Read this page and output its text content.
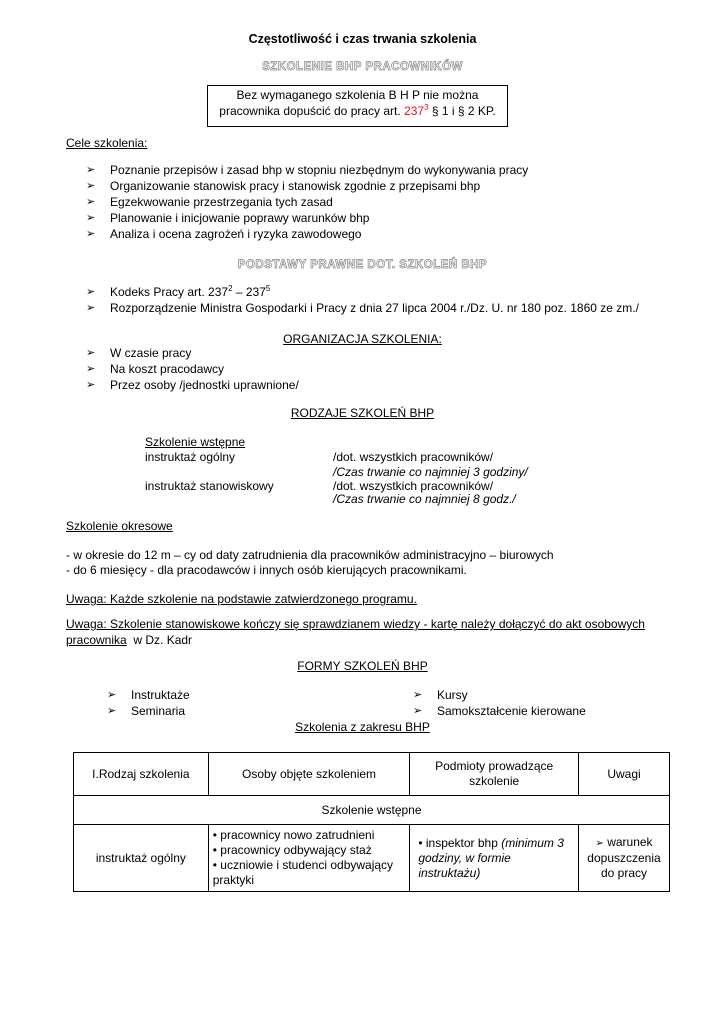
Częstotliwość i czas trwania szkolenia
SZKOLENIE BHP PRACOWNIKÓW
Bez wymaganego szkolenia B H P nie można
pracownika dopuścić do pracy art. $237^3$ § 1 i § 2 KP.
Cele szkolenia:
➢ Poznanie przepisów i zasad bhp w stopniu niezbędnym do wykonywania pracy
➢ Organizowanie stanowisk pracy i stanowisk zgodnie z przepisami bhp
➢ Egzekwowanie przestrzegania tych zasad
➢ Planowanie i inicjowanie poprawy warunków bhp
➢ Analiza i ocena zagrożeń i ryzyka zawodowego
PODSTAWY PRAWNE DOT. SZKOLEŃ BHP
➢ Kodeks Pracy art. $237^2 - 237^5$
➢ Rozporządzenie Ministra Gospodarki i Pracy z dnia 27 lipca 2004 r./Dz. U. nr 180 poz. 1860 ze zm./
ORGANIZACJA SZKOLENIA:
➢ W czasie pracy
➢ Na koszt pracodawcy
➢ Przez osoby /jednostki uprawnione/
RODZAJE SZKOLEŃ BHP
Szkolenie wstępne
instruktaż ogólny	/dot. wszystkich pracowników/
/Czas trwanie co najmniej 3 godziny/
instruktaż stanowiskowy	/dot. wszystkich pracowników/
/Czas trwanie co najmniej 8 godz./
Szkolenie okresowe
- w okresie do 12 m – cy od daty zatrudnienia dla pracowników administracyjno – biurowych
- do 6 miesięcy - dla pracodawców i innych osób kierujących pracownikami.
Uwaga: Każde szkolenie na podstawie zatwierdzonego programu.
Uwaga: Szkolenie stanowiskowe kończy się sprawdzianem wiedzy - kartę należy dołączyć do akt osobowych
pracownika  w Dz. Kadr
FORMY SZKOLEŃ BHP
➢ Instruktaże
➢ Seminaria
➢ Kursy
➢ Samokształcenie kierowane
Szkolenia z zakresu BHP
I.Rodzaj szkolenia	Osoby objęte szkoleniem	Podmioty prowadzące szkolenie	Uwagi
Szkolenie wstępne			
instruktaż ogólny	• pracownicy nowo zatrudnieni
• pracownicy odbywający staż
• uczniowie i studenci odbywający praktyki	• inspektor bhp (minimum 3 godziny, w formie instruktażu)	➢ warunek dopuszczenia do pracy
